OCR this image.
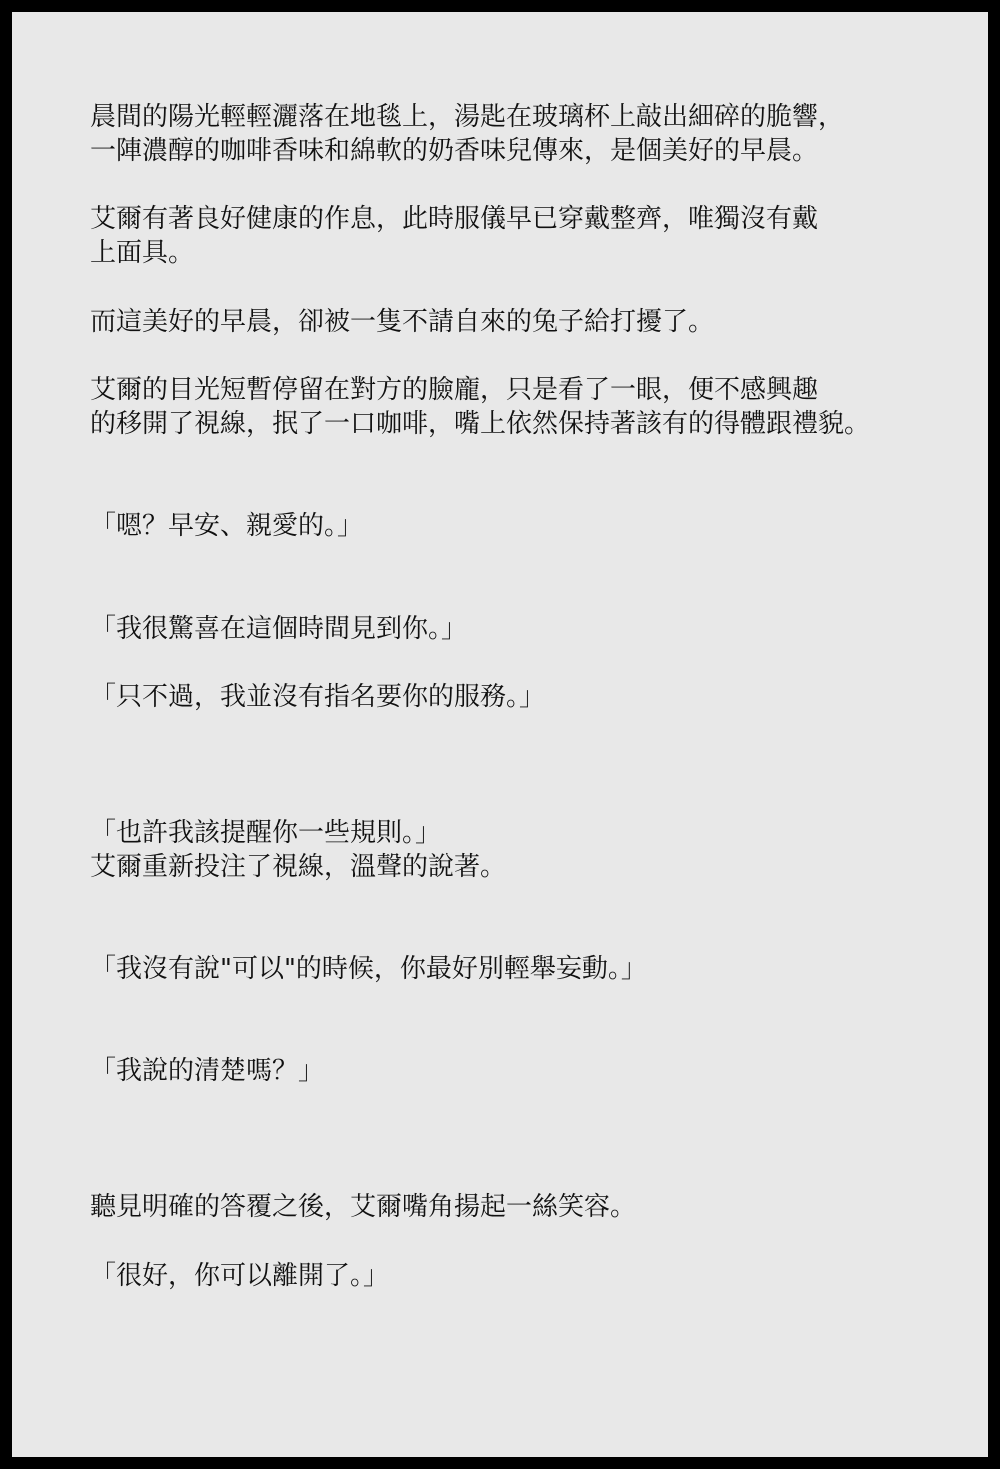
晨間的陽光輕輕灑落在地毯上，湯匙在玻璃杯上敲出細碎的脆響，

一陣濃醇的咖啡香味和綿軟的奶香味兒傳來，是個美好的早晨。

艾爾有著良好健康的作息，此時服儀早已穿戴整齊，唯獨沒有戴

上面具。

而這美好的早晨，卻被一隻不請自來的兔子給打擾了。

艾爾的目光短暫停留在對方的臉龐，只是看了一眼，便不感興趣

的移開了視線，抿了一口咖啡，嘴上依然保持著該有的得體跟禮貌。

「嗯？早安、親愛的。」

「我很驚喜在這個時間見到你。」

「只不過，我並沒有指名要你的服務。」

「也許我該提醒你一些規則。」

艾爾重新投注了視線，溫聲的說著。

「我沒有說"可以"的時候，你最好別輕舉妄動。」

「我說的清楚嗎？」

聽見明確的答覆之後，艾爾嘴角揚起一絲笑容。

「很好，你可以離開了。」
